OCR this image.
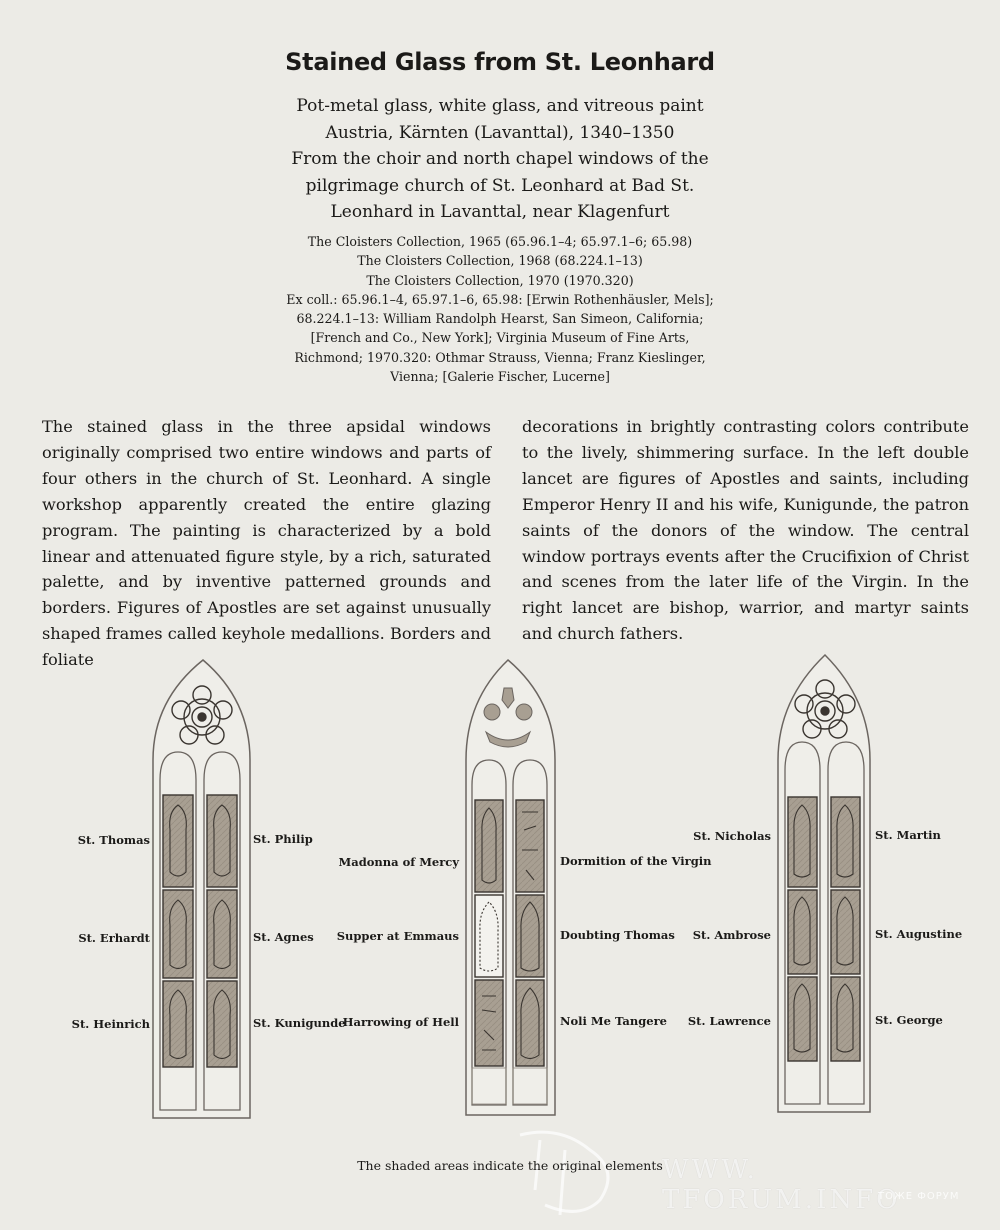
Stained Glass from St. Leonhard
Pot-metal glass, white glass, and vitreous paint
Austria, Kärnten (Lavanttal), 1340–1350
From the choir and north chapel windows of the
pilgrimage church of St. Leonhard at Bad St.
Leonhard in Lavanttal, near Klagenfurt
The Cloisters Collection, 1965 (65.96.1–4; 65.97.1–6; 65.98)
The Cloisters Collection, 1968 (68.224.1–13)
The Cloisters Collection, 1970 (1970.320)
Ex coll.: 65.96.1–4, 65.97.1–6, 65.98: [Erwin Rothenhäusler, Mels];
68.224.1–13: William Randolph Hearst, San Simeon, California;
[French and Co., New York]; Virginia Museum of Fine Arts,
Richmond; 1970.320: Othmar Strauss, Vienna; Franz Kieslinger,
Vienna; [Galerie Fischer, Lucerne]
The stained glass in the three apsidal windows originally comprised two entire windows and parts of four others in the church of St. Leonhard. A single workshop apparently created the entire glazing program. The painting is characterized by a bold linear and attenuated figure style, by a rich, saturated palette, and by inventive patterned grounds and borders. Figures of Apostles are set against unusually shaped frames called keyhole medallions. Borders and foliate
decorations in brightly contrasting colors contribute to the lively, shimmering surface. In the left double lancet are figures of Apostles and saints, including Emperor Henry II and his wife, Kunigunde, the patron saints of the donors of the window. The central window portrays events after the Crucifixion of Christ and scenes from the later life of the Virgin. In the right lancet are bishop, warrior, and martyr saints and church fathers.
St. Thomas
St. Erhardt
St. Heinrich
St. Philip
St. Agnes
St. Kunigunde
Madonna of Mercy
Supper at Emmaus
Harrowing of Hell
Dormition of the Virgin
Doubting Thomas
Noli Me Tangere
St. Nicholas
St. Ambrose
St. Lawrence
St. Martin
St. Augustine
St. George
The shaded areas indicate the original elements WWW. TFORUM.INFO
ТОЖЕ ФОРУМ
